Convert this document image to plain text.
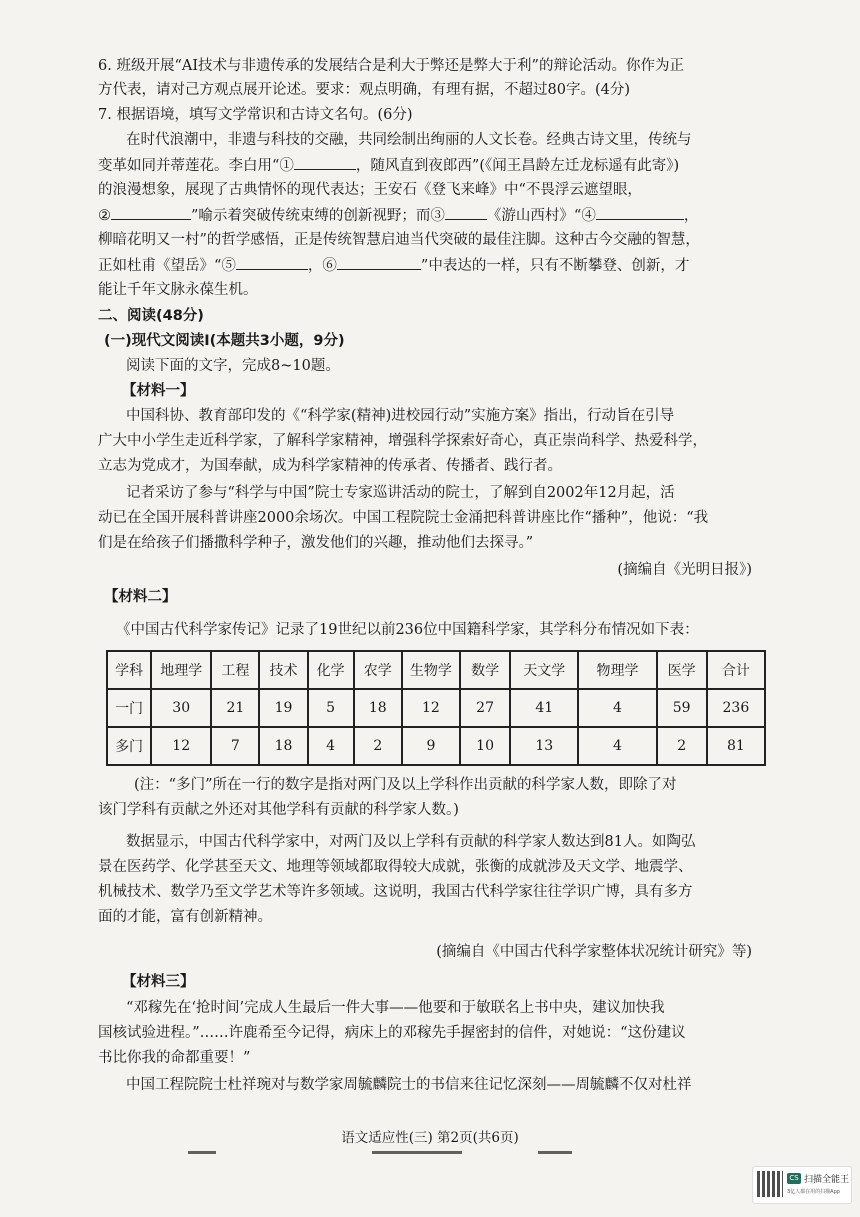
6. 班级开展“AI技术与非遗传承的发展结合是利大于弊还是弊大于利”的辩论活动。你作为正
方代表，请对己方观点展开论述。要求：观点明确，有理有据，不超过80字。(4分)
7. 根据语境，填写文学常识和古诗文名句。(6分)
在时代浪潮中，非遗与科技的交融，共同绘制出绚丽的人文长卷。经典古诗文里，传统与
变革如同并蒂莲花。李白用“①	，随风直到夜郎西”(《闻王昌龄左迁龙标遥有此寄》)
的浪漫想象，展现了古典情怀的现代表达；王安石《登飞来峰》中“不畏浮云遮望眼，
②	”喻示着突破传统束缚的创新视野；而③	《游山西村》“④	，
柳暗花明又一村”的哲学感悟，正是传统智慧启迪当代突破的最佳注脚。这种古今交融的智慧，
正如杜甫《望岳》“⑤	，⑥	”中表达的一样，只有不断攀登、创新，才
能让千年文脉永葆生机。
二、阅读(48分)
(一)现代文阅读I(本题共3小题，9分)
阅读下面的文字，完成8~10题。
【材料一】
中国科协、教育部印发的《“科学家(精神)进校园行动”实施方案》指出，行动旨在引导
广大中小学生走近科学家，了解科学家精神，增强科学探索好奇心，真正崇尚科学、热爱科学，
立志为党成才，为国奉献，成为科学家精神的传承者、传播者、践行者。
记者采访了参与“科学与中国”院士专家巡讲活动的院士，了解到自2002年12月起，活
动已在全国开展科普讲座2000余场次。中国工程院院士金涌把科普讲座比作“播种”，他说：“我
们是在给孩子们播撒科学种子，激发他们的兴趣，推动他们去探寻。”
(摘编自《光明日报》)
【材料二】
《中国古代科学家传记》记录了19世纪以前236位中国籍科学家，其学科分布情况如下表：
学科	地理学	工程	技术	化学	农学	生物学	数学	天文学	物理学	医学	合计
一门	30	21	19	5	18	12	27	41	4	59	236
多门	12	7	18	4	2	9	10	13	4	2	81
(注：“多门”所在一行的数字是指对两门及以上学科作出贡献的科学家人数，即除了对
该门学科有贡献之外还对其他学科有贡献的科学家人数。)
数据显示，中国古代科学家中，对两门及以上学科有贡献的科学家人数达到81人。如陶弘
景在医药学、化学甚至天文、地理等领域都取得较大成就，张衡的成就涉及天文学、地震学、
机械技术、数学乃至文学艺术等许多领域。这说明，我国古代科学家往往学识广博，具有多方
面的才能，富有创新精神。
(摘编自《中国古代科学家整体状况统计研究》等)
【材料三】
“邓稼先在‘抢时间’完成人生最后一件大事——他要和于敏联名上书中央，建议加快我
国核试验进程。”……许鹿希至今记得，病床上的邓稼先手握密封的信件，对她说：“这份建议
书比你我的命都重要！”
中国工程院院士杜祥琬对与数学家周毓麟院士的书信来往记忆深刻——周毓麟不仅对杜祥
语文适应性(三) 第2页(共6页)
CS 扫描全能王
3亿人都在用的扫描App
